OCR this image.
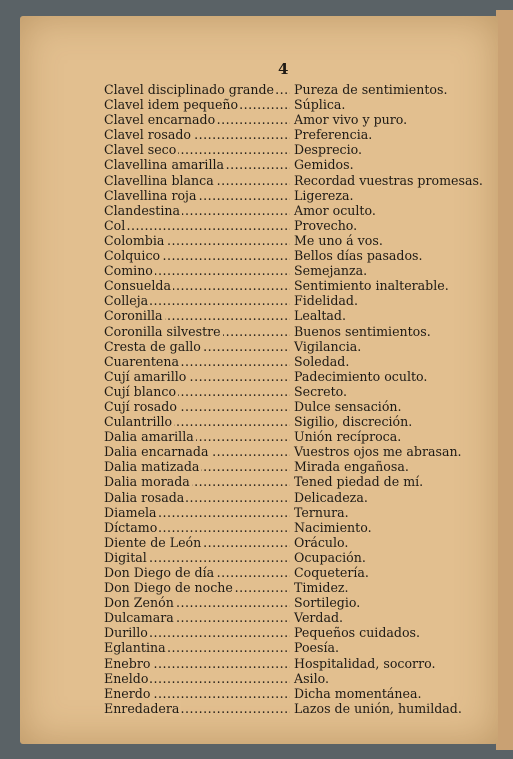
4
Clavel disciplinado grande .....	Pureza de sentimientos.
Clavel idem pequeño .....	Súplica.
Clavel encarnado .....	Amor vivo y puro.
Clavel rosado .....	Preferencia.
Clavel seco .....	Desprecio.
Clavellina amarilla .....	Gemidos.
Clavellina blanca .....	Recordad vuestras promesas.
Clavellina roja .....	Ligereza.
Clandestina .....	Amor oculto.
Col .....	Provecho.
Colombia .....	Me uno á vos.
Colquico .....	Bellos días pasados.
Comino .....	Semejanza.
Consuelda .....	Sentimiento inalterable.
Colleja .....	Fidelidad.
Coronilla .....	Lealtad.
Coronilla silvestre .....	Buenos sentimientos.
Cresta de gallo .....	Vigilancia.
Cuarentena .....	Soledad.
Cují amarillo .....	Padecimiento oculto.
Cují blanco .....	Secreto.
Cují rosado .....	Dulce sensación.
Culantrillo .....	Sigilio, discreción.
Dalia amarilla .....	Unión recíproca.
Dalia encarnada .....	Vuestros ojos me abrasan.
Dalia matizada .....	Mirada engañosa.
Dalia morada .....	Tened piedad de mí.
Dalia rosada .....	Delicadeza.
Diamela .....	Ternura.
Díctamo .....	Nacimiento.
Diente de León .....	Oráculo.
Digital .....	Ocupación.
Don Diego de día .....	Coquetería.
Don Diego de noche .....	Timidez.
Don Zenón .....	Sortilegio.
Dulcamara .....	Verdad.
Durillo .....	Pequeños cuidados.
Eglantina .....	Poesía.
Enebro .....	Hospitalidad, socorro.
Eneldo .....	Asilo.
Enerdo .....	Dicha momentánea.
Enredadera .....	Lazos de unión, humildad.
